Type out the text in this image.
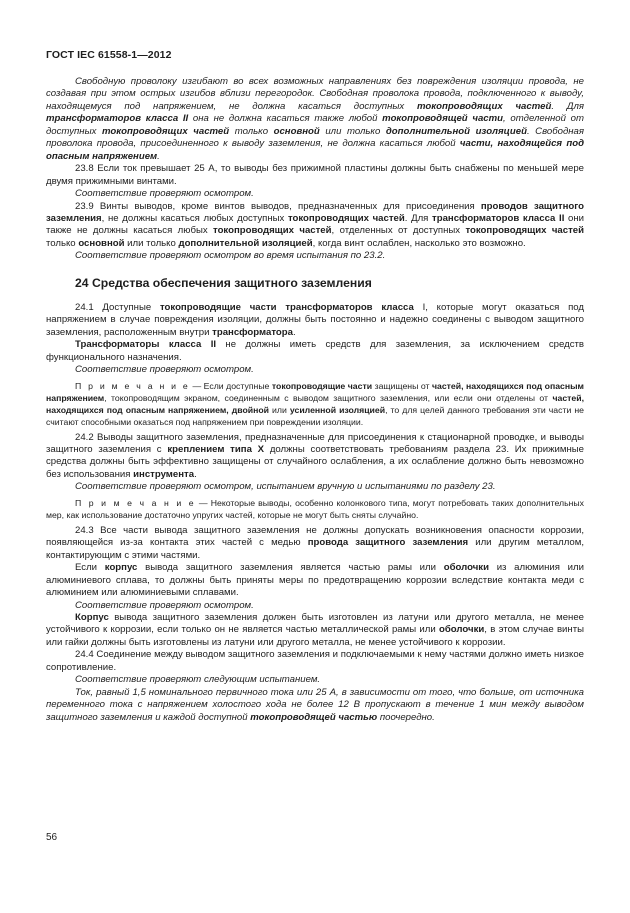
ГОСТ IEC 61558-1—2012

Свободную проволоку изгибают во всех возможных направлениях без повреждения изоляции провода, не создавая при этом острых изгибов вблизи перегородок. Свободная проволока провода, подключенного к выводу, находящемуся под напряжением, не должна касаться доступных токопроводящих частей. Для трансформаторов класса II она не должна касаться также любой токопроводящей части, отделенной от доступных токопроводящих частей только основной или только дополнительной изоляцией. Свободная проволока провода, присоединенного к выводу заземления, не должна касаться любой части, находящейся под опасным напряжением.

23.8 Если ток превышает 25 А, то выводы без прижимной пластины должны быть снабжены по меньшей мере двумя прижимными винтами.

Соответствие проверяют осмотром.

23.9 Винты выводов, кроме винтов выводов, предназначенных для присоединения проводов защитного заземления, не должны касаться любых доступных токопроводящих частей. Для трансформаторов класса II они также не должны касаться любых токопроводящих частей, отделенных от доступных токопроводящих частей только основной или только дополнительной изоляцией, когда винт ослаблен, насколько это возможно.

Соответствие проверяют осмотром во время испытания по 23.2.

24 Средства обеспечения защитного заземления

24.1 Доступные токопроводящие части трансформаторов класса I, которые могут оказаться под напряжением в случае повреждения изоляции, должны быть постоянно и надежно соединены с выводом защитного заземления, расположенным внутри трансформатора.

Трансформаторы класса II не должны иметь средств для заземления, за исключением средств функционального назначения.

Соответствие проверяют осмотром.

П р и м е ч а н и е — Если доступные токопроводящие части защищены от частей, находящихся под опасным напряжением, токопроводящим экраном, соединенным с выводом защитного заземления, или если они отделены от частей, находящихся под опасным напряжением, двойной или усиленной изоляцией, то для целей данного требования эти части не считают способными оказаться под напряжением при повреждении изоляции.

24.2 Выводы защитного заземления, предназначенные для присоединения к стационарной проводке, и выводы защитного заземления с креплением типа X должны соответствовать требованиям раздела 23. Их прижимные средства должны быть эффективно защищены от случайного ослабления, а их ослабление должно быть невозможно без использования инструмента.

Соответствие проверяют осмотром, испытанием вручную и испытаниями по разделу 23.

П р и м е ч а н и е — Некоторые выводы, особенно колонкового типа, могут потребовать таких дополнительных мер, как использование достаточно упругих частей, которые не могут быть сняты случайно.

24.3 Все части вывода защитного заземления не должны допускать возникновения опасности коррозии, появляющейся из-за контакта этих частей с медью провода защитного заземления или другим металлом, контактирующим с этими частями.

Если корпус вывода защитного заземления является частью рамы или оболочки из алюминия или алюминиевого сплава, то должны быть приняты меры по предотвращению коррозии вследствие контакта меди с алюминием или алюминиевыми сплавами.

Соответствие проверяют осмотром.

Корпус вывода защитного заземления должен быть изготовлен из латуни или другого металла, не менее устойчивого к коррозии, если только он не является частью металлической рамы или оболочки, в этом случае винты или гайки должны быть изготовлены из латуни или другого металла, не менее устойчивого к коррозии.

24.4 Соединение между выводом защитного заземления и подключаемыми к нему частями должно иметь низкое сопротивление.

Соответствие проверяют следующим испытанием.

Ток, равный 1,5 номинального первичного тока или 25 А, в зависимости от того, что больше, от источника переменного тока с напряжением холостого хода не более 12 В пропускают в течение 1 мин между выводом защитного заземления и каждой доступной токопроводящей частью поочередно.

56
